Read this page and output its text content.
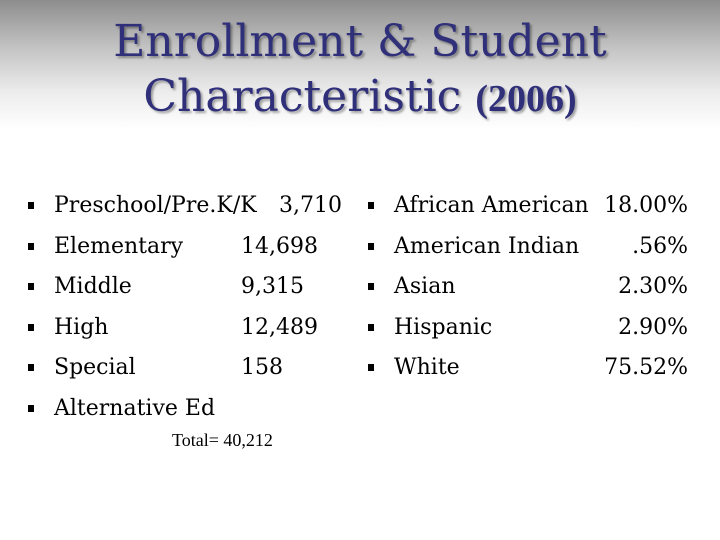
Enrollment & Student
Characteristic (2006)
Preschool/Pre.K/K 3,710
Elementary	14,698
Middle	9,315
High	12,489
Special	158
Alternative Ed
Total= 40,212
African American 18.00%
American Indian .56%
Asian	2.30%
Hispanic	2.90%
White	75.52%
